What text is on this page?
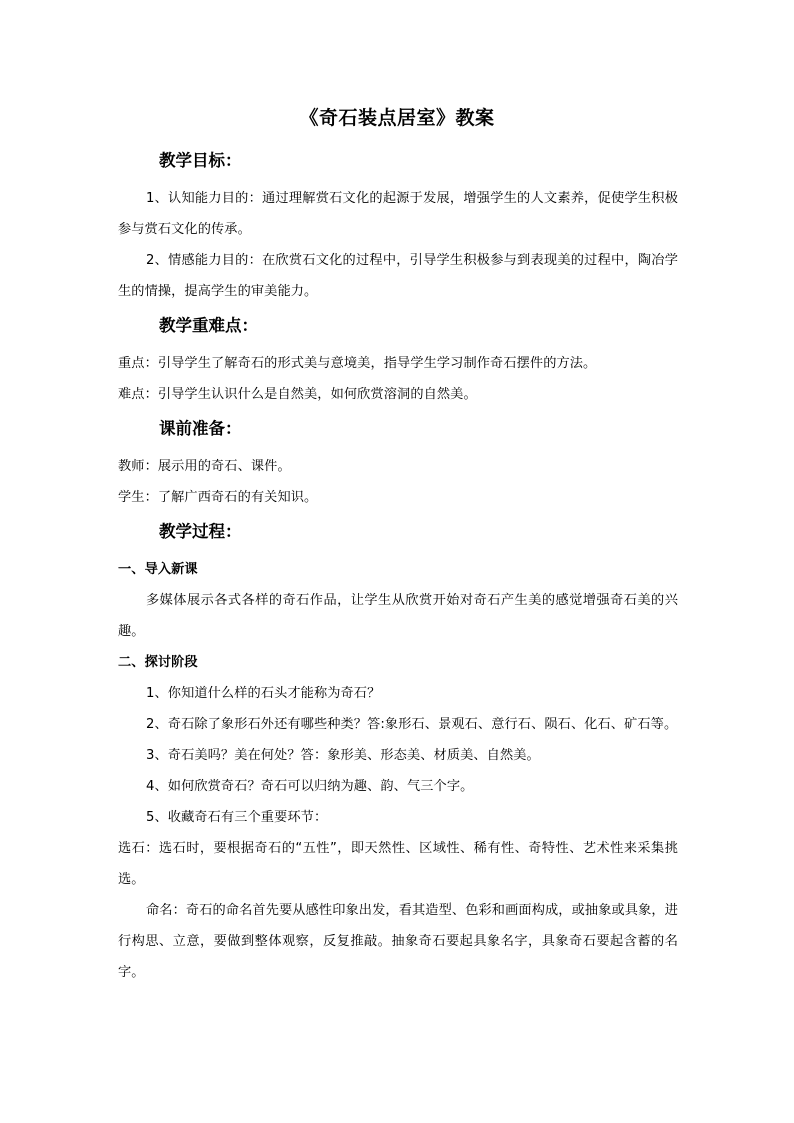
《奇石装点居室》教案
教学目标：

1、认知能力目的：通过理解赏石文化的起源于发展，增强学生的人文素养，促使学生积极参与赏石文化的传承。

2、情感能力目的：在欣赏石文化的过程中，引导学生积极参与到表现美的过程中，陶冶学生的情操，提高学生的审美能力。

教学重难点：

重点：引导学生了解奇石的形式美与意境美，指导学生学习制作奇石摆件的方法。

难点：引导学生认识什么是自然美，如何欣赏溶洞的自然美。

课前准备：

教师：展示用的奇石、课件。

学生：了解广西奇石的有关知识。

教学过程：

一、导入新课

多媒体展示各式各样的奇石作品，让学生从欣赏开始对奇石产生美的感觉增强奇石美的兴趣。

二、探讨阶段

1、你知道什么样的石头才能称为奇石？

2、奇石除了象形石外还有哪些种类？答:象形石、景观石、意行石、陨石、化石、矿石等。

3、奇石美吗？美在何处？答：象形美、形态美、材质美、自然美。

4、如何欣赏奇石？奇石可以归纳为趣、韵、气三个字。

5、收藏奇石有三个重要环节：

选石：选石时，要根据奇石的“五性”，即天然性、区域性、稀有性、奇特性、艺术性来采集挑选。

命名：奇石的命名首先要从感性印象出发，看其造型、色彩和画面构成，或抽象或具象，进行构思、立意，要做到整体观察，反复推敲。抽象奇石要起具象名字，具象奇石要起含蓄的名字。
